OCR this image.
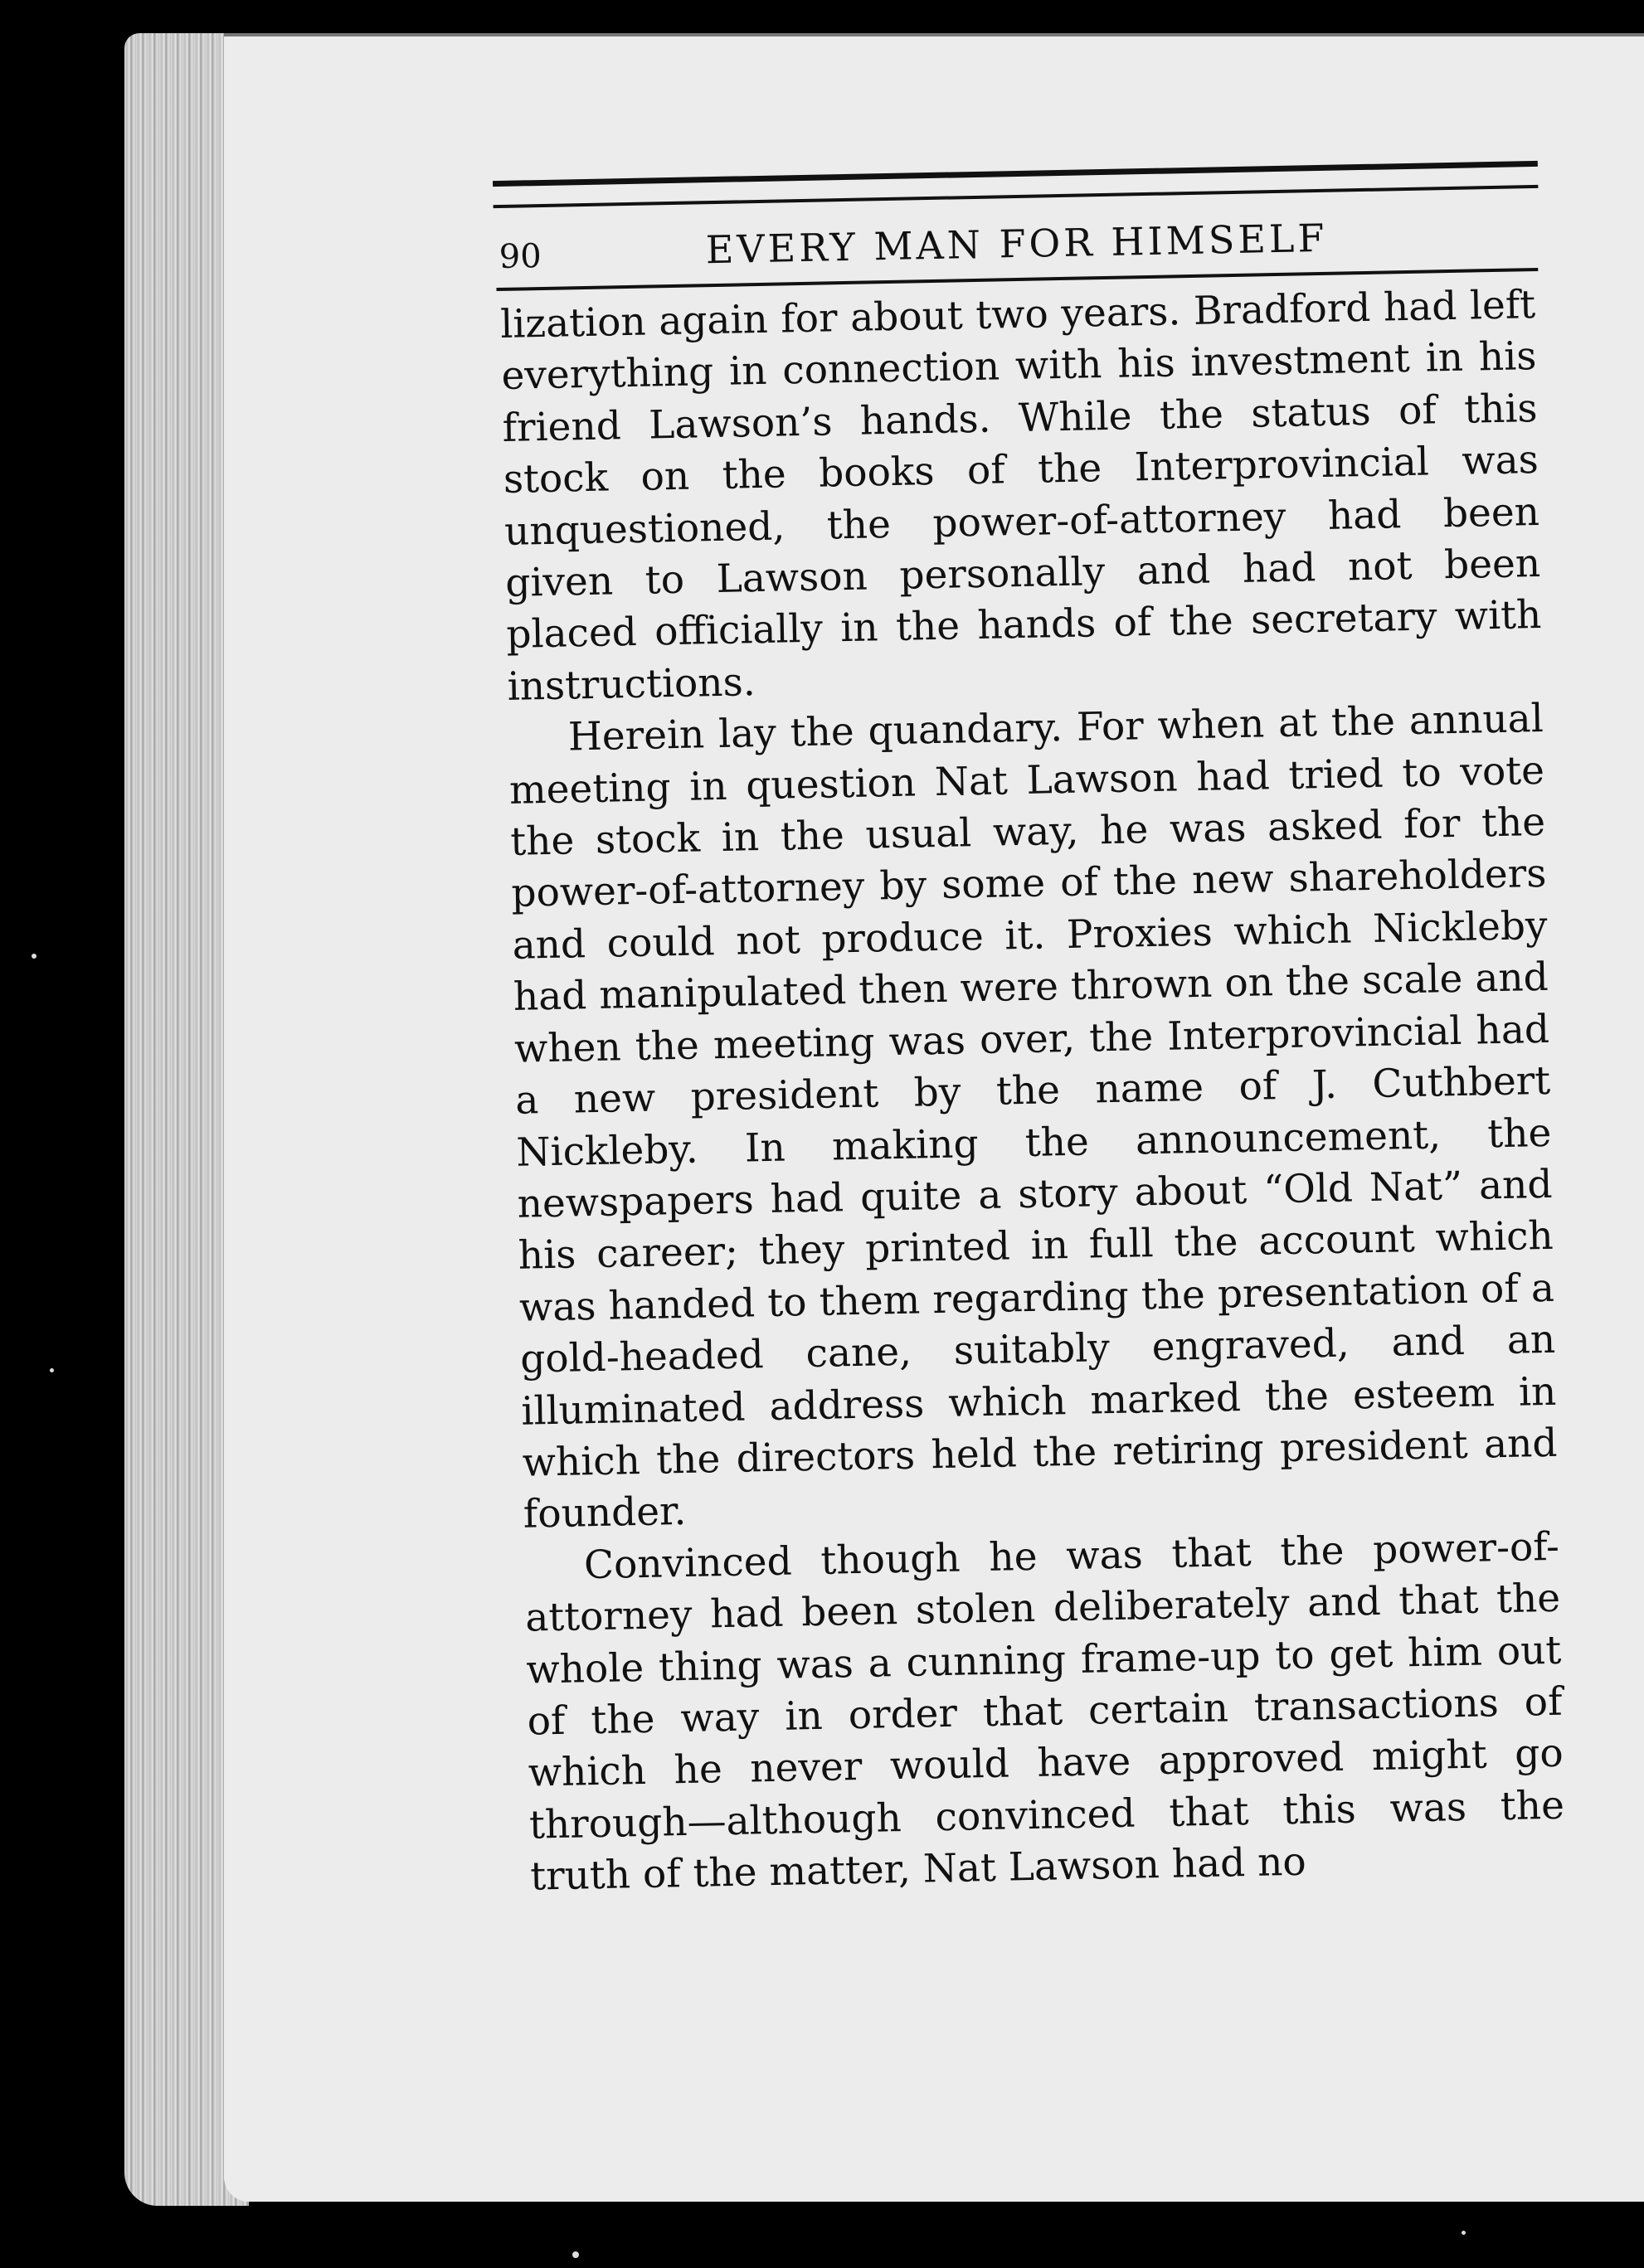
90	EVERY MAN FOR HIMSELF

lization again for about two years. Bradford had left everything in connection with his investment in his friend Lawson’s hands. While the status of this stock on the books of the Interprovincial was unquestioned, the power-of-attorney had been given to Lawson personally and had not been placed officially in the hands of the secretary with instructions.

Herein lay the quandary. For when at the annual meeting in question Nat Lawson had tried to vote the stock in the usual way, he was asked for the power-of-attorney by some of the new shareholders and could not produce it. Proxies which Nickleby had manipulated then were thrown on the scale and when the meeting was over, the Interprovincial had a new president by the name of J. Cuthbert Nickleby. In making the announcement, the newspapers had quite a story about “Old Nat” and his career; they printed in full the account which was handed to them regarding the presentation of a gold-headed cane, suitably engraved, and an illuminated address which marked the esteem in which the directors held the retiring president and founder.

Convinced though he was that the power-of-attorney had been stolen deliberately and that the whole thing was a cunning frame-up to get him out of the way in order that certain transactions of which he never would have approved might go through—although convinced that this was the truth of the matter, Nat Lawson had no
